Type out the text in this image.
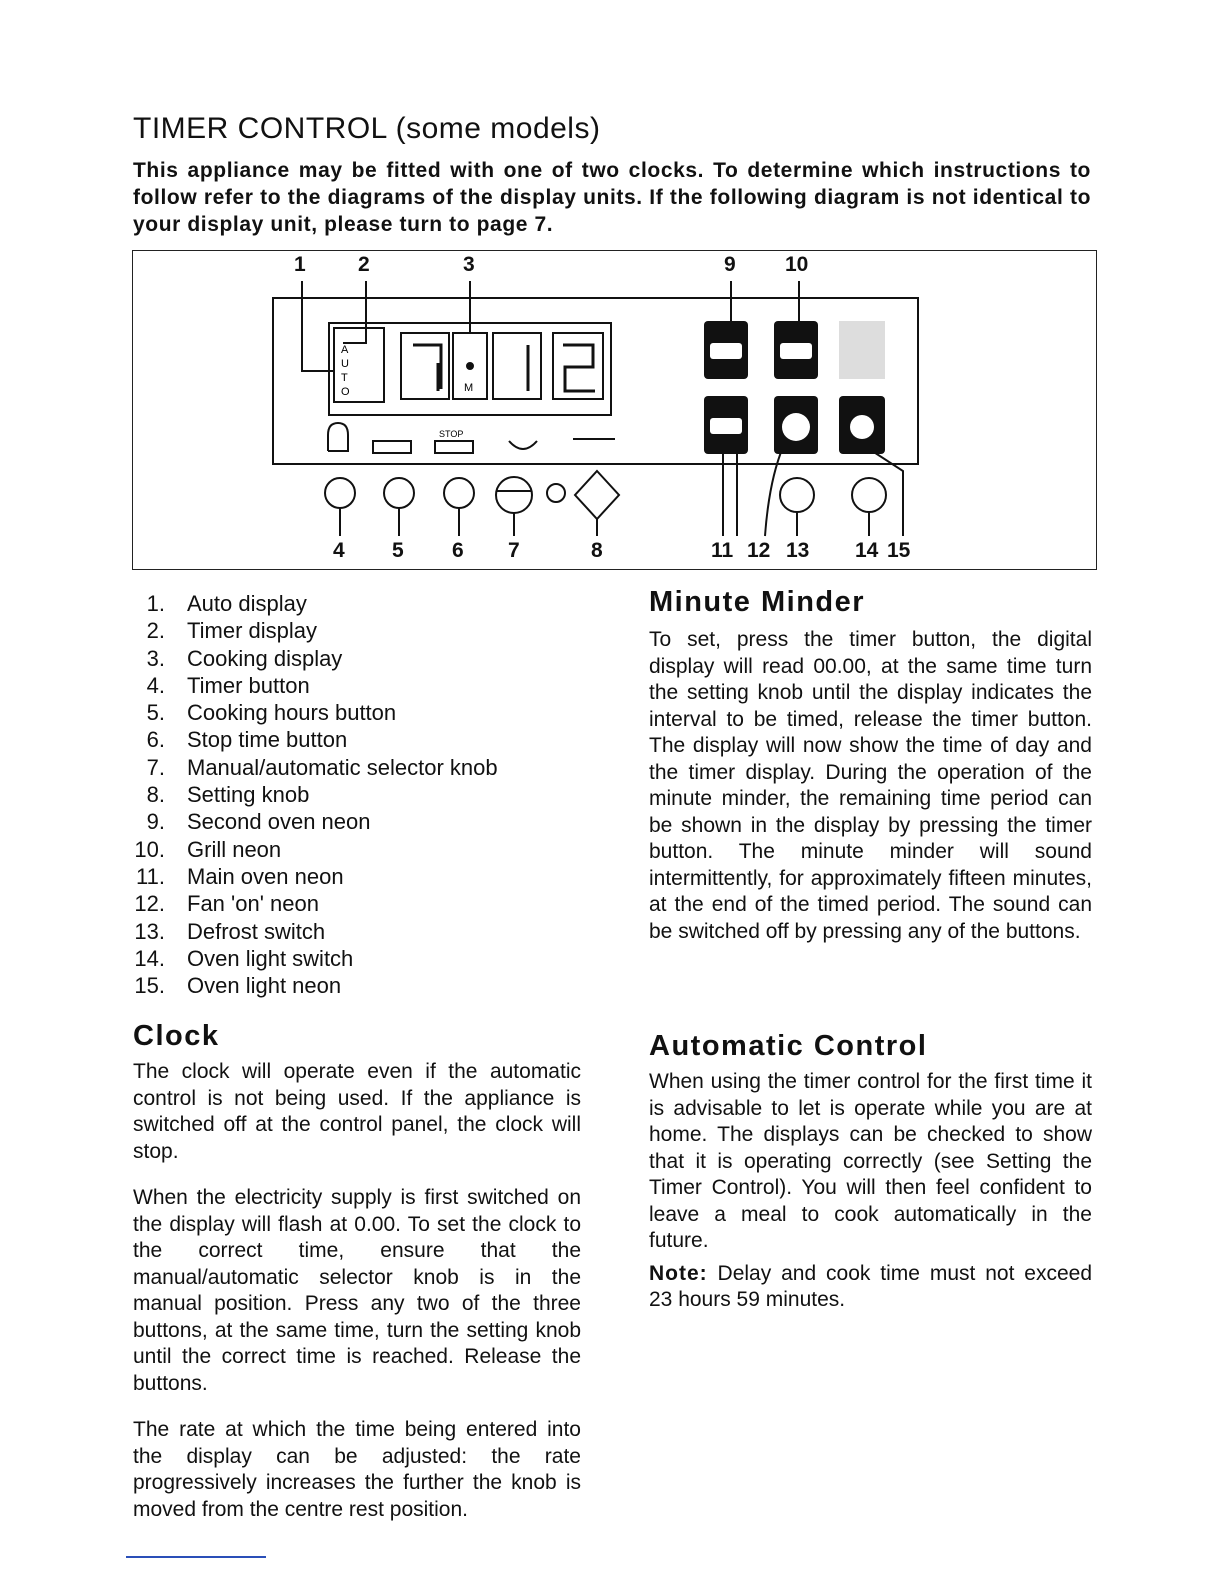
TIMER CONTROL (some models)
This appliance may be fitted with one of two clocks. To determine which instructions to follow refer to the diagrams of the display units. If the following diagram is not identical to your display unit, please turn to page 7.
1 2	3	9 10
A
U
T
O	M
STOP
4 5 6 7	8	11 12 13 14 15
1. Auto display
2. Timer display
3. Cooking display
4. Timer button
5. Cooking hours button
6. Stop time button
7. Manual/automatic selector knob
8. Setting knob
9. Second oven neon
10. Grill neon
11. Main oven neon
12. Fan 'on' neon
13. Defrost switch
14. Oven light switch
15. Oven light neon
Clock
The clock will operate even if the automatic control is not being used. If the appliance is switched off at the control panel, the clock will stop.
When the electricity supply is first switched on the display will flash at 0.00. To set the clock to the correct time, ensure that the manual/automatic selector knob is in the manual position. Press any two of the three buttons, at the same time, turn the setting knob until the correct time is reached. Release the buttons.
The rate at which the time being entered into the display can be adjusted: the rate progressively increases the further the knob is moved from the centre rest position.
Minute Minder
To set, press the timer button, the digital display will read 00.00, at the same time turn the setting knob until the display indicates the interval to be timed, release the timer button. The display will now show the time of day and the timer display. During the operation of the minute minder, the remaining time period can be shown in the display by pressing the timer button. The minute minder will sound intermittently, for approximately fifteen minutes, at the end of the timed period. The sound can be switched off by pressing any of the buttons.
Automatic Control
When using the timer control for the first time it is advisable to let is operate while you are at home. The displays can be checked to show that it is operating correctly (see Setting the Timer Control). You will then feel confident to leave a meal to cook automatically in the future.
Note: Delay and cook time must not exceed 23 hours 59 minutes.
